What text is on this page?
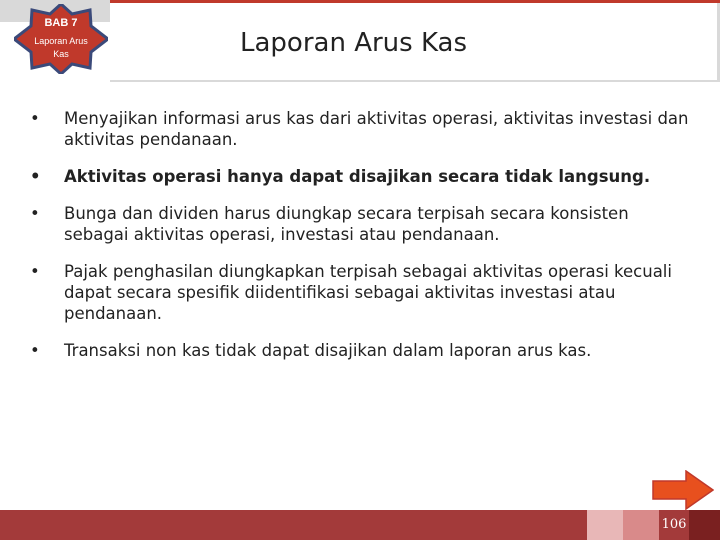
BAB 7
Laporan Arus Kas	Laporan Arus Kas
• Menyajikan informasi arus kas dari aktivitas operasi, aktivitas investasi dan aktivitas pendanaan.
• Aktivitas operasi hanya dapat disajikan secara tidak langsung.
• Bunga dan dividen harus diungkap secara terpisah secara konsisten sebagai aktivitas operasi, investasi atau pendanaan.
• Pajak penghasilan diungkapkan terpisah sebagai aktivitas operasi kecuali dapat secara spesifik diidentifikasi sebagai aktivitas investasi atau pendanaan.
• Transaksi non kas tidak dapat disajikan dalam laporan arus kas.
106
